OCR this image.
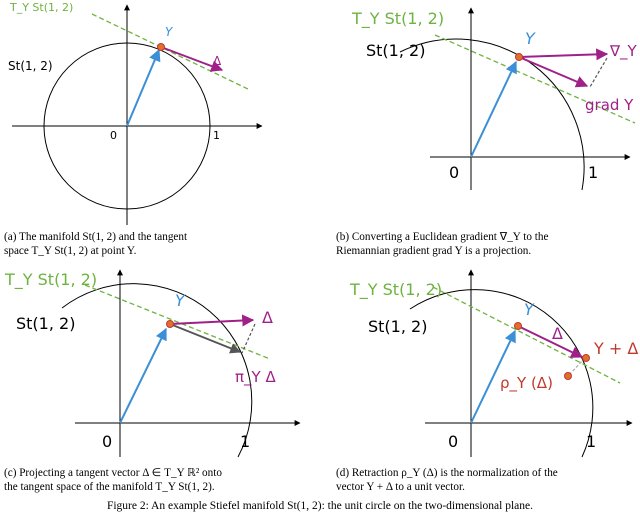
T_Y St(1, 2)
St(1, 2)
Y
Δ
0	1
(a) The manifold St(1, 2) and the tangent
space T_Y St(1, 2) at point Y.
T_Y St(1, 2)
St(1, 2)
Y
∇_Y
grad Y
0	1
(b) Converting a Euclidean gradient ∇_Y to the
Riemannian gradient grad Y is a projection.
T_Y St(1, 2)
St(1, 2)
Y
Δ
π_Y Δ
0	1
(c) Projecting a tangent vector Δ ∈ T_Y ℝ² onto
the tangent space of the manifold T_Y St(1, 2).
T_Y St(1, 2)
St(1, 2)
Y
Δ
Y + Δ
ρ_Y (Δ)
0	1
(d) Retraction ρ_Y (Δ) is the normalization of the
vector Y + Δ to a unit vector.
Figure 2: An example Stiefel manifold St(1, 2): the unit circle on the two-dimensional plane.
